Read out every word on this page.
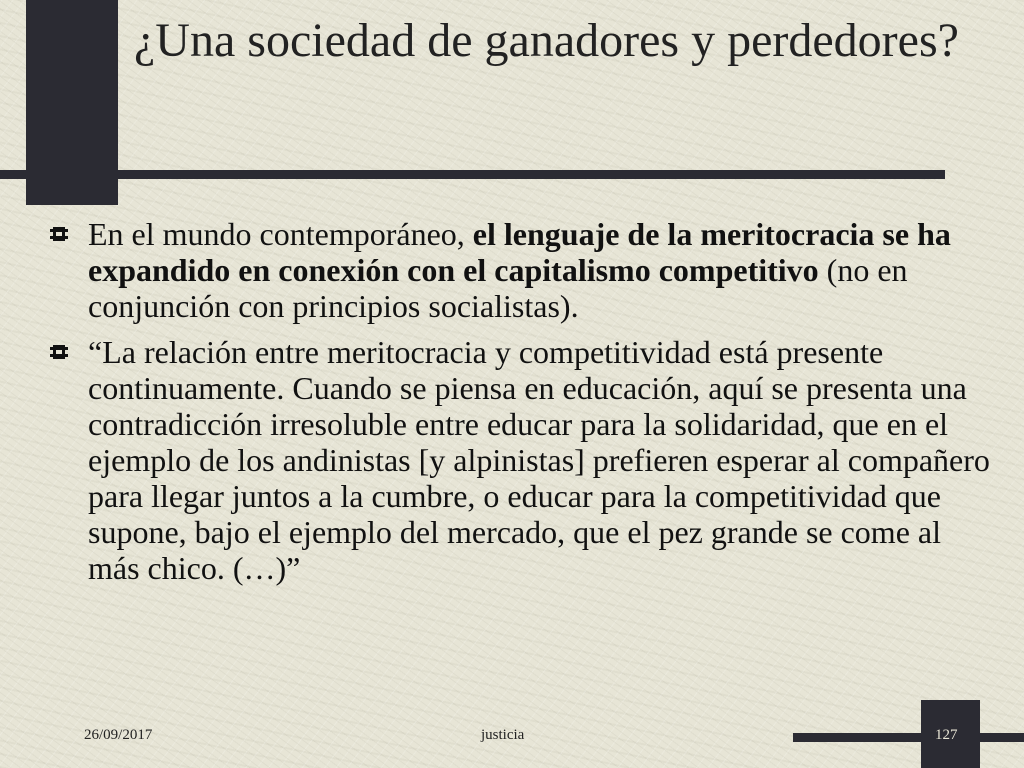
¿Una sociedad de ganadores y perdedores?
En el mundo contemporáneo, el lenguaje de la meritocracia se ha expandido en conexión con el capitalismo competitivo (no en conjunción con principios socialistas).
“La relación entre meritocracia y competitividad está presente continuamente. Cuando se piensa en educación, aquí se presenta una contradicción irresoluble entre educar para la solidaridad, que en el ejemplo de los andinistas [y alpinistas] prefieren esperar al compañero para llegar juntos a la cumbre, o educar para la competitividad que supone, bajo el ejemplo del mercado, que el pez grande se come al más chico. (…)”
26/09/2017	justicia	127
